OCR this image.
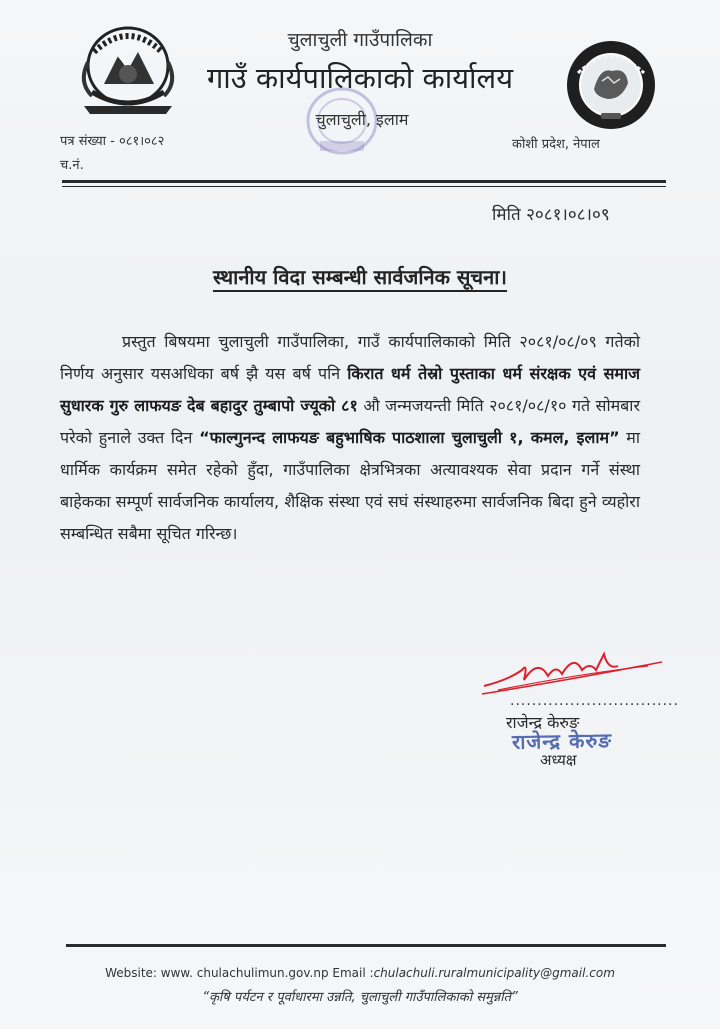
चुलाचुली गाउँपालिका
गाउँ कार्यपालिकाको कार्यालय
चुलाचुली, इलाम
पत्र संख्या - ०८१।०८२
च.नं.
कोशी प्रदेश, नेपाल
मिति २०८१।०८।०९
स्थानीय विदा सम्बन्धी सार्वजनिक सूचना।

प्रस्तुत बिषयमा चुलाचुली गाउँपालिका, गाउँ कार्यपालिकाको मिति २०८१/०८/०९ गतेको निर्णय अनुसार यसअधिका बर्ष झै यस बर्ष पनि किरात धर्म तेस्रो पुस्ताका धर्म संरक्षक एवं समाज सुधारक गुरु लाफयङ देब बहादुर तुम्बापो ज्यूको ८१ औ जन्मजयन्ती मिति २०८१/०८/१० गते सोमबार परेको हुनाले उक्त दिन “फाल्गुनन्द लाफयङ बहुभाषिक पाठशाला चुलाचुली १, कमल, इलाम” मा धार्मिक कार्यक्रम समेत रहेको हुँदा, गाउँपालिका क्षेत्रभित्रका अत्यावश्यक सेवा प्रदान गर्ने संस्था बाहेकका सम्पूर्ण सार्वजनिक कार्यालय, शैक्षिक संस्था एवं सघं संस्थाहरुमा सार्वजनिक बिदा हुने व्यहोरा सम्बन्धित सबैमा सूचित गरिन्छ।

...............................
राजेन्द्र केरुङ
राजेन्द्र केरुङ
अध्यक्ष
Website: www. chulachulimun.gov.np Email :chulachuli.ruralmunicipality@gmail.com
“कृषि पर्यटन र पूर्वाधारमा उन्नति, चुलाचुली गाउँपालिकाको समुन्नति”
